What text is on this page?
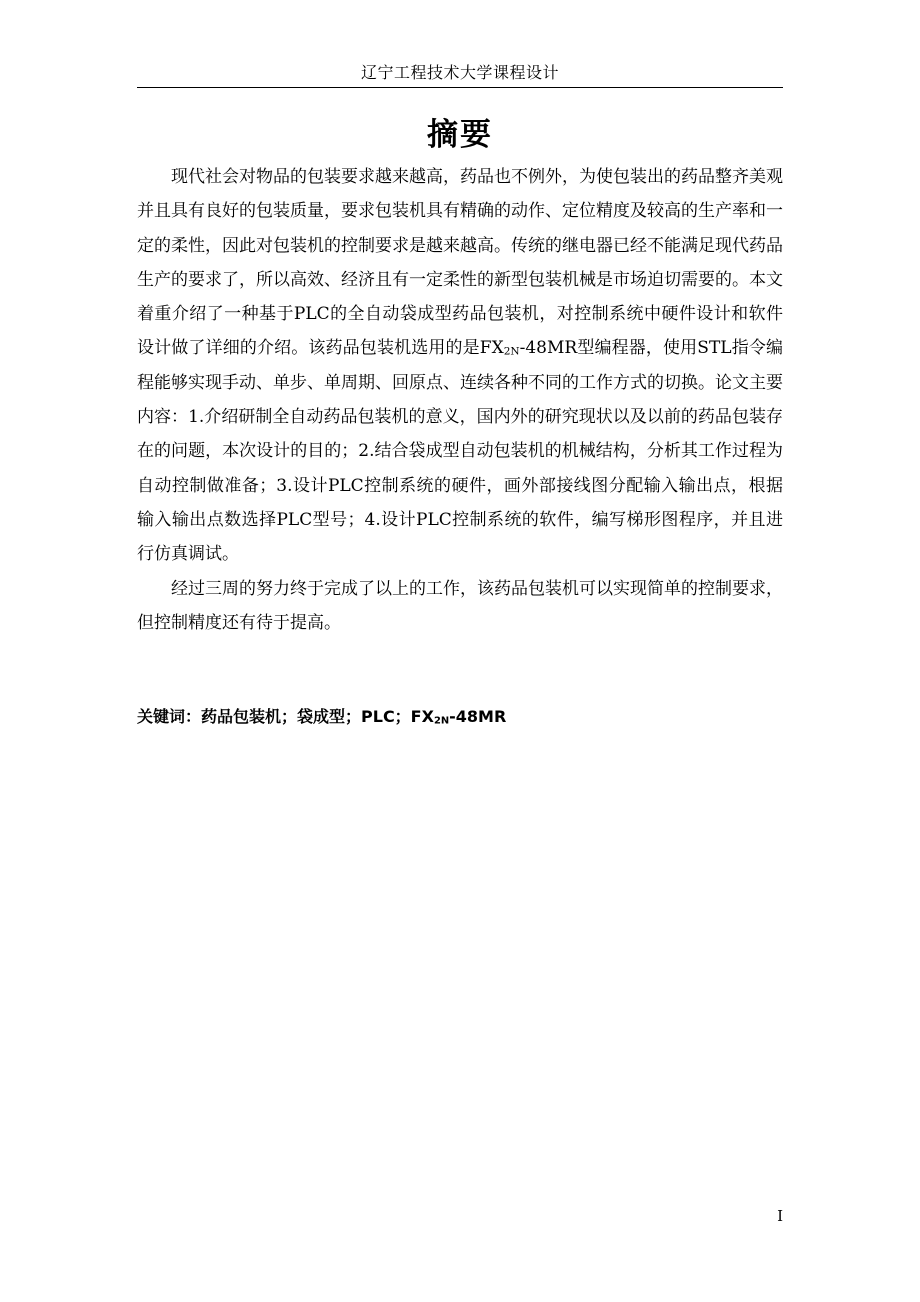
辽宁工程技术大学课程设计
摘要

现代社会对物品的包装要求越来越高，药品也不例外，为使包装出的药品整齐美观并且具有良好的包装质量，要求包装机具有精确的动作、定位精度及较高的生产率和一定的柔性，因此对包装机的控制要求是越来越高。传统的继电器已经不能满足现代药品生产的要求了，所以高效、经济且有一定柔性的新型包装机械是市场迫切需要的。本文着重介绍了一种基于PLC的全自动袋成型药品包装机，对控制系统中硬件设计和软件设计做了详细的介绍。该药品包装机选用的是$FX_{2N}-48MR$型编程器，使用STL指令编程能够实现手动、单步、单周期、回原点、连续各种不同的工作方式的切换。论文主要内容：1.介绍研制全自动药品包装机的意义，国内外的研究现状以及以前的药品包装存在的问题，本次设计的目的；2.结合袋成型自动包装机的机械结构，分析其工作过程为自动控制做准备；3.设计PLC控制系统的硬件，画外部接线图分配输入输出点，根据输入输出点数选择PLC型号；4.设计PLC控制系统的软件，编写梯形图程序，并且进行仿真调试。

经过三周的努力终于完成了以上的工作，该药品包装机可以实现简单的控制要求，但控制精度还有待于提高。

关键词：药品包装机；袋成型；PLC；$FX_{2N}-48MR$
I
